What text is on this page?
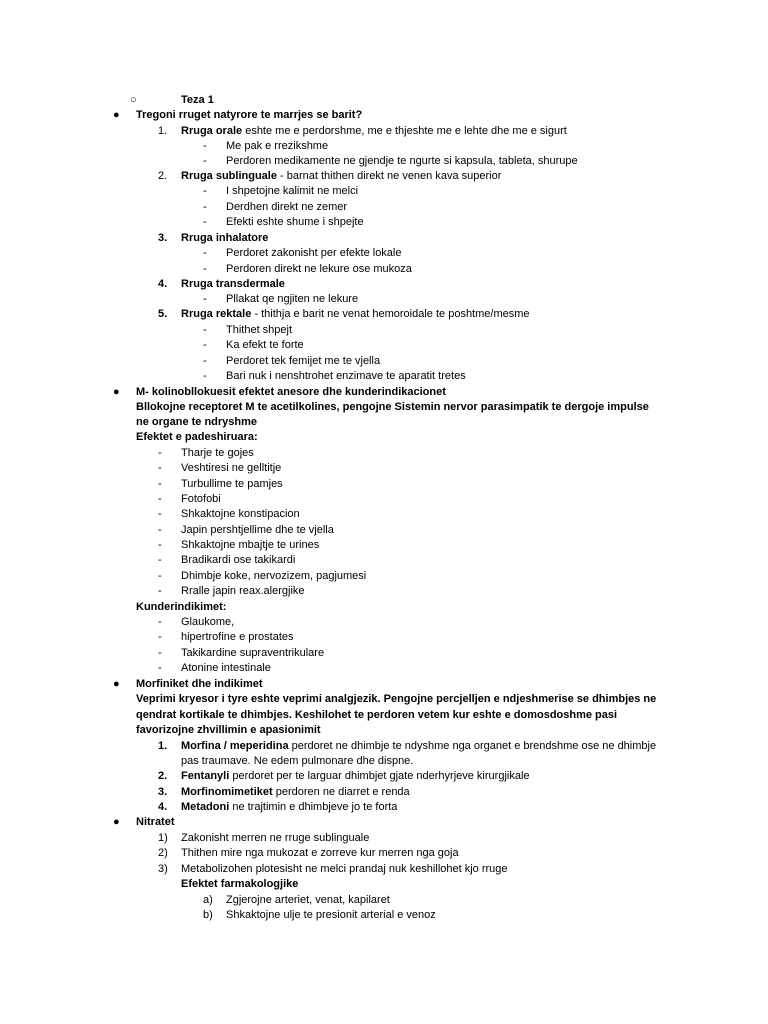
○	Teza 1
● Tregoni rruget natyrore te marrjes se barit?
1. Rruga orale eshte me e perdorshme, me e thjeshte me e lehte dhe me e sigurt
- Me pak e rrezikshme
- Perdoren medikamente ne gjendje te ngurte si kapsula, tableta, shurupe
2. Rruga sublinguale - barnat thithen direkt ne venen kava superior
- I shpetojne kalimit ne melci
- Derdhen direkt ne zemer
- Efekti eshte shume i shpejte
3. Rruga inhalatore
- Perdoret zakonisht per efekte lokale
- Perdoren direkt ne lekure ose mukoza
4. Rruga transdermale
- Pllakat qe ngjiten ne lekure
5. Rruga rektale - thithja e barit ne venat hemoroidale te poshtme/mesme
- Thithet shpejt
- Ka efekt te forte
- Perdoret tek femijet me te vjella
- Bari nuk i nenshtrohet enzimave te aparatit tretes
● M- kolinobllokuesit efektet anesore dhe kunderindikacionet
Bllokojne receptoret M te acetilkolines, pengojne Sistemin nervor parasimpatik te dergoje impulse
ne organe te ndryshme
Efektet e padeshiruara:
- Tharje te gojes
- Veshtiresi ne gelltitje
- Turbullime te pamjes
- Fotofobi
- Shkaktojne konstipacion
- Japin pershtjellime dhe te vjella
- Shkaktojne mbajtje te urines
- Bradikardi ose takikardi
- Dhimbje koke, nervozizem, pagjumesi
- Rralle japin reax.alergjike
Kunderindikimet:
- Glaukome,
- hipertrofine e prostates
- Takikardine supraventrikulare
- Atonine intestinale
● Morfiniket dhe indikimet
Veprimi kryesor i tyre eshte veprimi analgjezik. Pengojne percjelljen e ndjeshmerise se dhimbjes ne
qendrat kortikale te dhimbjes. Keshilohet te perdoren vetem kur eshte e domosdoshme pasi
favorizojne zhvillimin e apasionimit
1. Morfina / meperidina perdoret ne dhimbje te ndyshme nga organet e brendshme ose ne dhimbje
pas traumave. Ne edem pulmonare dhe dispne.
2. Fentanyli perdoret per te larguar dhimbjet gjate nderhyrjeve kirurgjikale
3. Morfinomimetiket perdoren ne diarret e renda
4. Metadoni ne trajtimin e dhimbjeve jo te forta
● Nitratet
1) Zakonisht merren ne rruge sublinguale
2) Thithen mire nga mukozat e zorreve kur merren nga goja
3) Metabolizohen plotesisht ne melci prandaj nuk keshillohet kjo rruge
Efektet farmakologjike
a) Zgjerojne arteriet, venat, kapilaret
b) Shkaktojne ulje te presionit arterial e venoz
